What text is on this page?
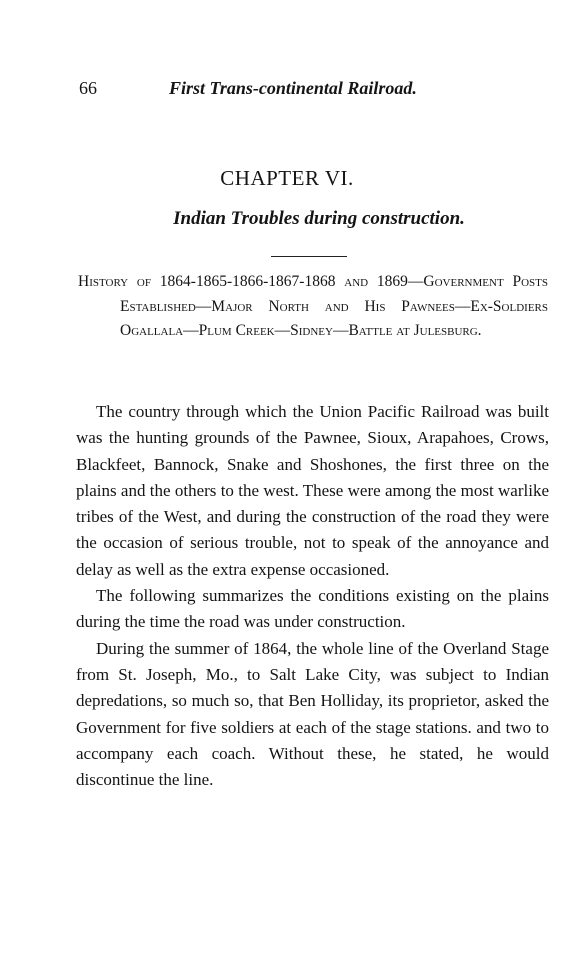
66	First Trans-continental Railroad.
CHAPTER VI.
Indian Troubles during construction.
History of 1864-1865-1866-1867-1868 and 1869—Government Posts Established—Major North and His Pawnees—Ex-Soldiers Ogallala—Plum Creek—Sidney—Battle at Julesburg.

The country through which the Union Pacific Railroad was built was the hunting grounds of the Pawnee, Sioux, Arapahoes, Crows, Blackfeet, Bannock, Snake and Shoshones, the first three on the plains and the others to the west. These were among the most warlike tribes of the West, and during the construction of the road they were the occasion of serious trouble, not to speak of the annoyance and delay as well as the extra expense occasioned.

The following summarizes the conditions existing on the plains during the time the road was under construction.

During the summer of 1864, the whole line of the Overland Stage from St. Joseph, Mo., to Salt Lake City, was subject to Indian depredations, so much so, that Ben Holliday, its proprietor, asked the Government for five soldiers at each of the stage stations. and two to accompany each coach. Without these, he stated, he would discontinue the line.
